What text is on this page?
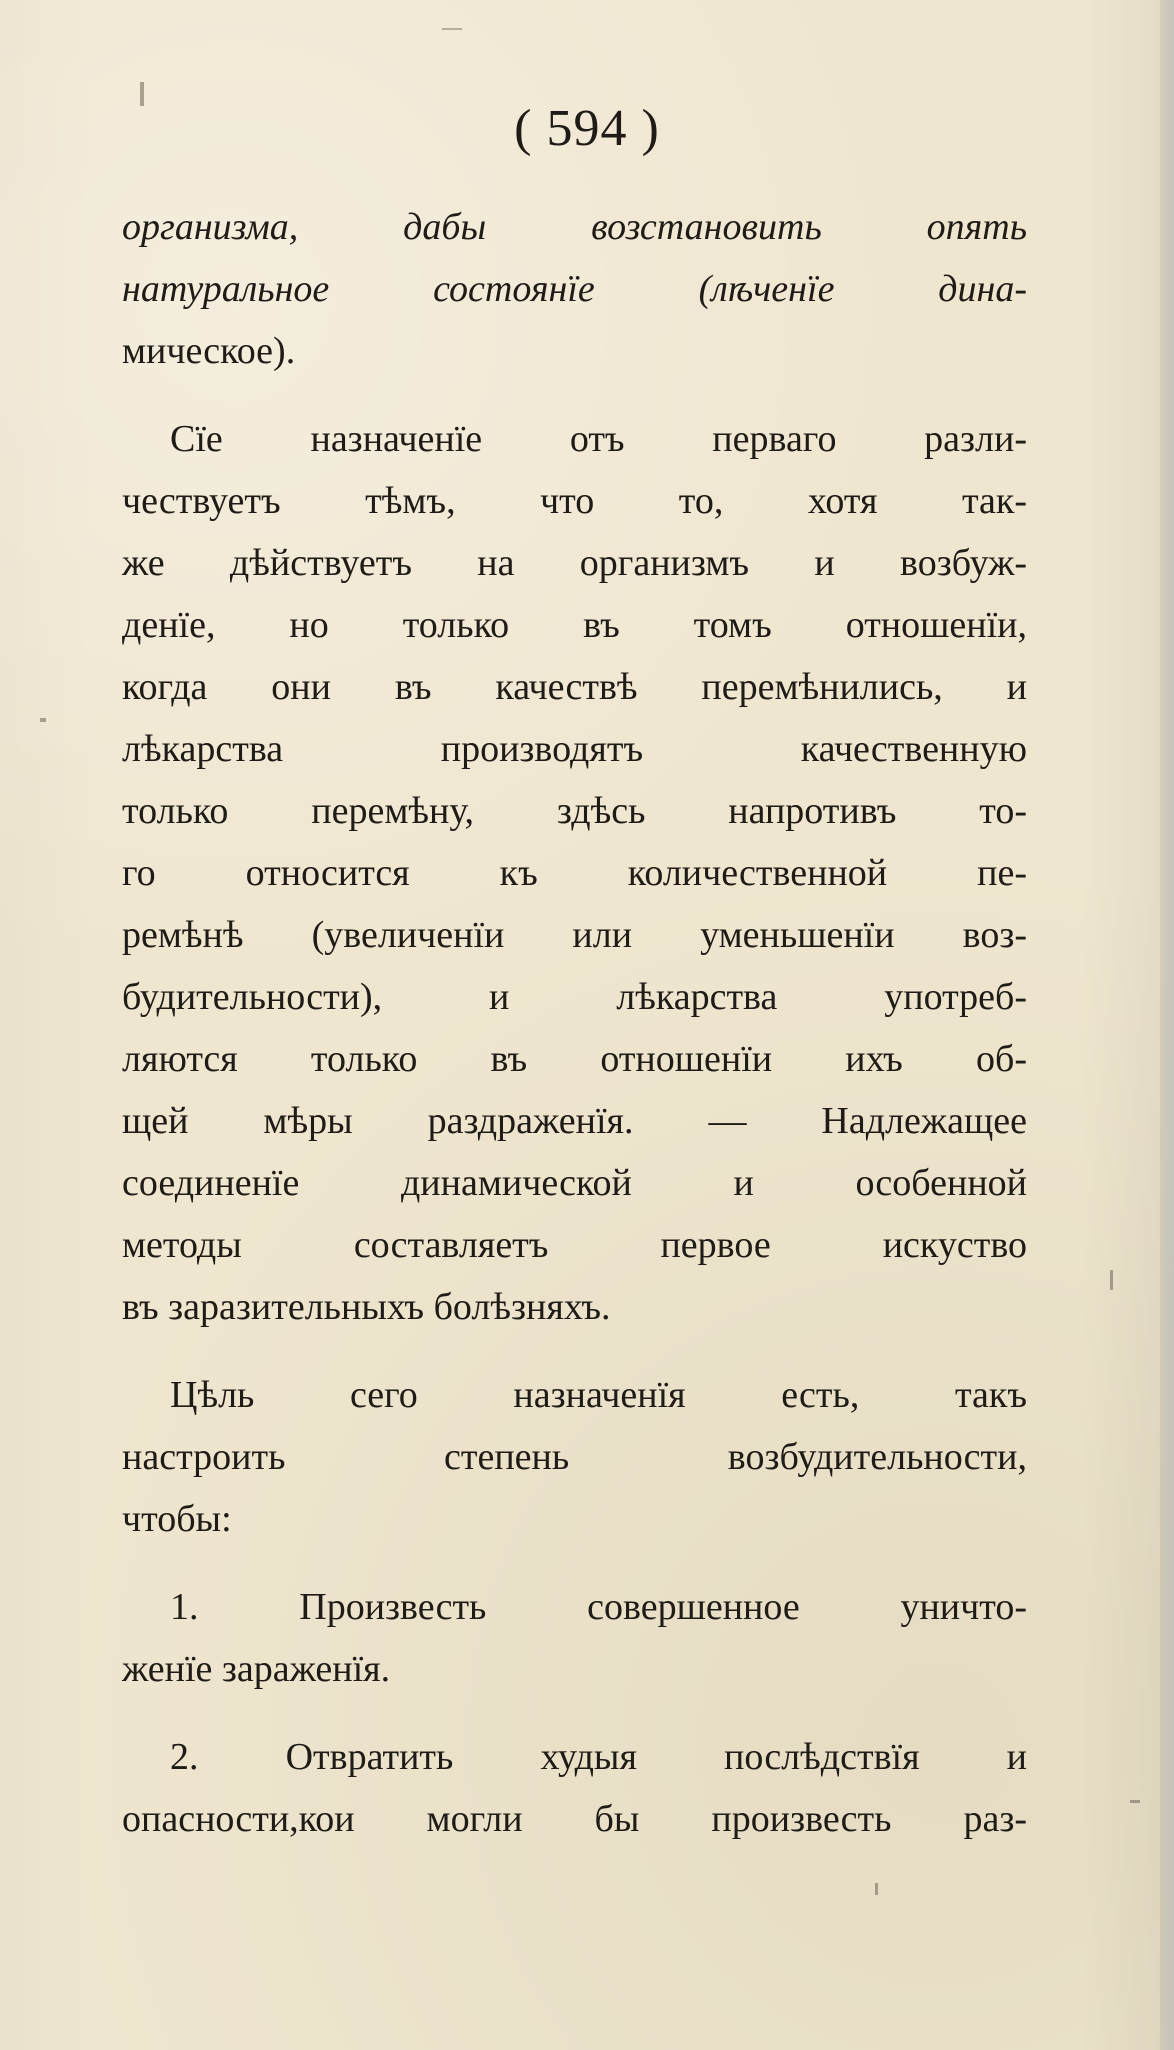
( 594 )
организма, дабы возстановить опять
натуральное состоянїе (лѣченїе дина-
мическое).
Сїе назначенїе отъ перваго разли-
чествуетъ тѣмъ, что то, хотя так-
же дѣйствуетъ на организмъ и возбуж-
денїе, но только въ томъ отношенїи,
когда они въ качествѣ перемѣнились, и
лѣкарства производятъ качественную
только перемѣну, здѣсь напротивъ то-
го относится къ количественной пе-
ремѣнѣ (увеличенїи или уменьшенїи воз-
будительности), и лѣкарства употреб-
ляются только въ отношенїи ихъ об-
щей мѣры раздраженїя. — Надлежащее
соединенїе динамической и особенной
методы составляетъ первое искуство
въ заразительныхъ болѣзняхъ.
Цѣль сего назначенїя есть, такъ
настроить степень возбудительности,
чтобы:
1. Произвесть совершенное уничто-
женїе зараженїя.
2. Отвратить худыя послѣдствїя и
опасности,кои могли бы произвесть раз-
